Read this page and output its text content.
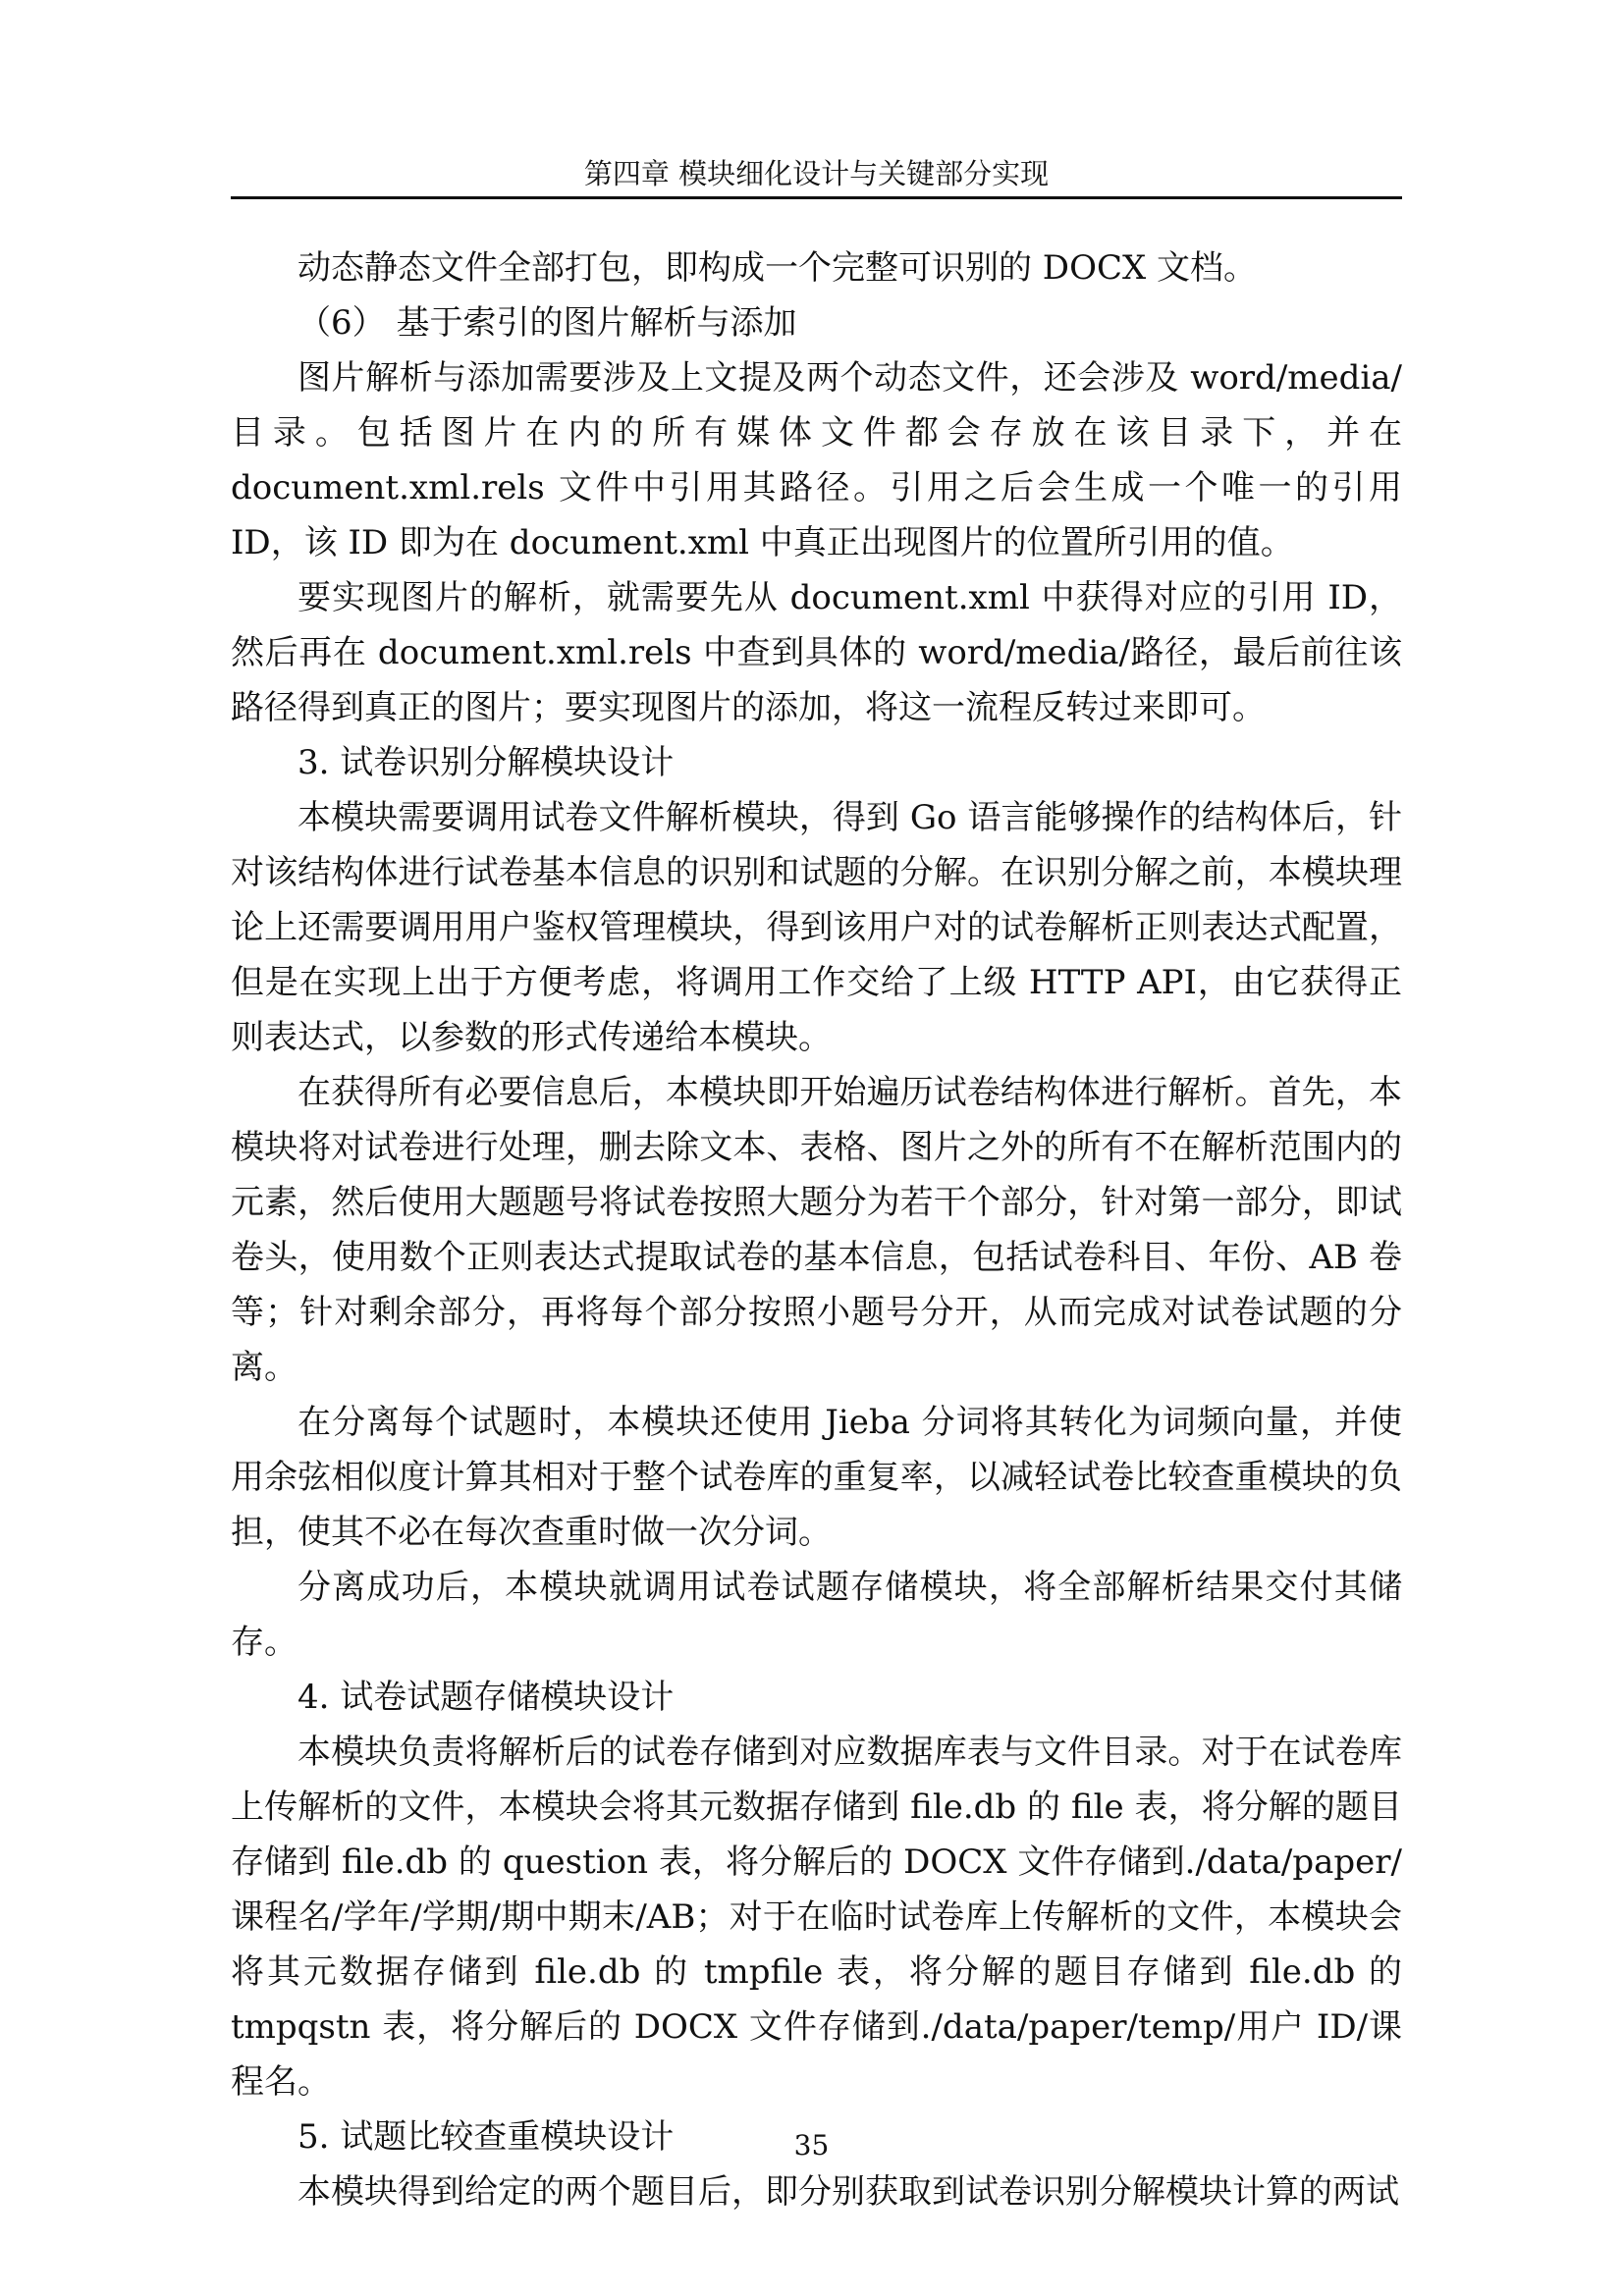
第四章 模块细化设计与关键部分实现

动态静态文件全部打包，即构成一个完整可识别的 DOCX 文档。

（6） 基于索引的图片解析与添加

图片解析与添加需要涉及上文提及两个动态文件，还会涉及 word/media/目录。包括图片在内的所有媒体文件都会存放在该目录下，并在 document.xml.rels 文件中引用其路径。引用之后会生成一个唯一的引用 ID，该 ID 即为在 document.xml 中真正出现图片的位置所引用的值。

要实现图片的解析，就需要先从 document.xml 中获得对应的引用 ID，然后再在 document.xml.rels 中查到具体的 word/media/路径，最后前往该路径得到真正的图片；要实现图片的添加，将这一流程反转过来即可。

3. 试卷识别分解模块设计

本模块需要调用试卷文件解析模块，得到 Go 语言能够操作的结构体后，针对该结构体进行试卷基本信息的识别和试题的分解。在识别分解之前，本模块理论上还需要调用用户鉴权管理模块，得到该用户对的试卷解析正则表达式配置，但是在实现上出于方便考虑，将调用工作交给了上级 HTTP API，由它获得正则表达式，以参数的形式传递给本模块。

在获得所有必要信息后，本模块即开始遍历试卷结构体进行解析。首先，本模块将对试卷进行处理，删去除文本、表格、图片之外的所有不在解析范围内的元素，然后使用大题题号将试卷按照大题分为若干个部分，针对第一部分，即试卷头，使用数个正则表达式提取试卷的基本信息，包括试卷科目、年份、AB 卷等；针对剩余部分，再将每个部分按照小题号分开，从而完成对试卷试题的分离。

在分离每个试题时，本模块还使用 Jieba 分词将其转化为词频向量，并使用余弦相似度计算其相对于整个试卷库的重复率，以减轻试卷比较查重模块的负担，使其不必在每次查重时做一次分词。

分离成功后，本模块就调用试卷试题存储模块，将全部解析结果交付其储存。

4. 试卷试题存储模块设计

本模块负责将解析后的试卷存储到对应数据库表与文件目录。对于在试卷库上传解析的文件，本模块会将其元数据存储到 file.db 的 file 表，将分解的题目存储到 file.db 的 question 表，将分解后的 DOCX 文件存储到./data/paper/课程名/学年/学期/期中期末/AB；对于在临时试卷库上传解析的文件，本模块会将其元数据存储到 file.db 的 tmpfile 表，将分解的题目存储到 file.db 的 tmpqstn 表，将分解后的 DOCX 文件存储到./data/paper/temp/用户 ID/课程名。

5. 试题比较查重模块设计

本模块得到给定的两个题目后，即分别获取到试卷识别分解模块计算的两试

35
